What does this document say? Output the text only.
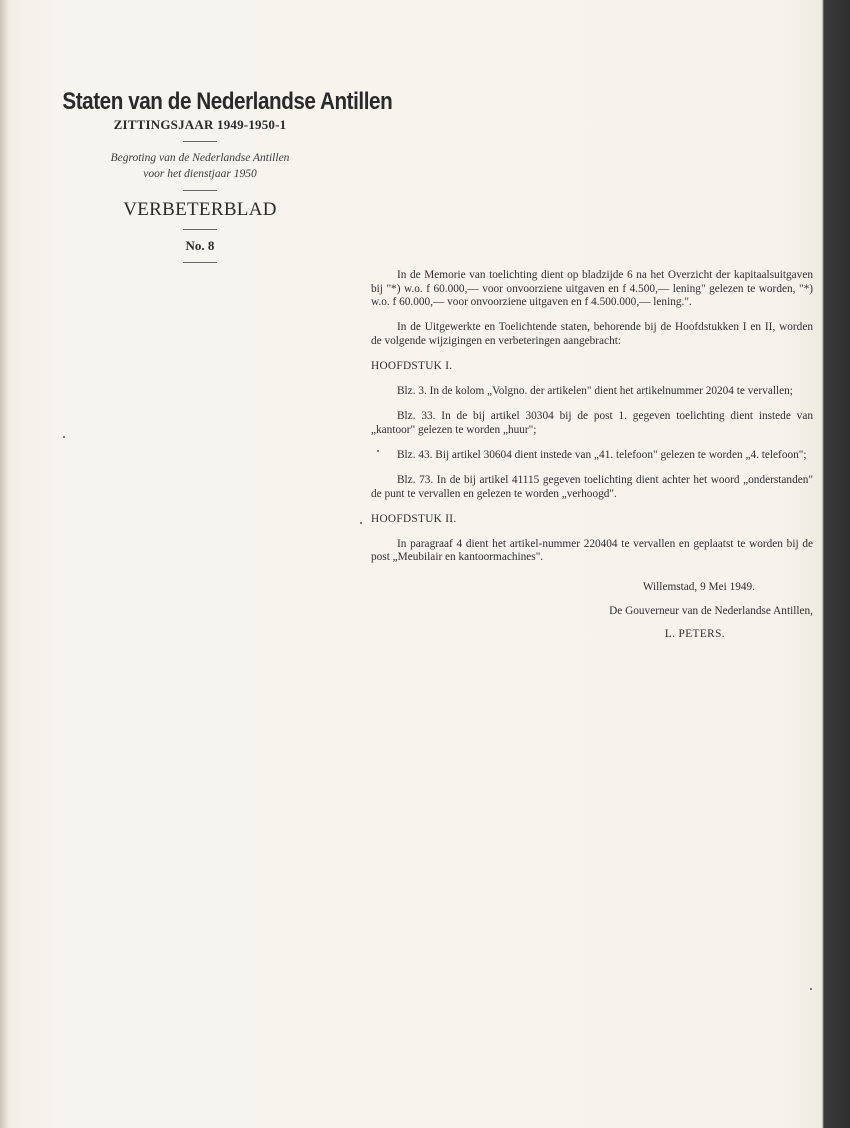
Staten van de Nederlandse Antillen
ZITTINGSJAAR 1949-1950-1
Begroting van de Nederlandse Antillen
voor het dienstjaar 1950
VERBETERBLAD
No. 8

In de Memorie van toelichting dient op bladzijde 6 na het Overzicht der kapitaalsuitgaven bij "*) w.o. f 60.000,— voor onvoorziene uitgaven en f 4.500,— lening" gelezen te worden, "*) w.o. f 60.000,— voor onvoorziene uitgaven en f 4.500.000,— lening.".

In de Uitgewerkte en Toelichtende staten, behorende bij de Hoofdstukken I en II, worden de volgende wijzigingen en verbeteringen aangebracht:

HOOFDSTUK I.

Blz. 3. In de kolom „Volgno. der artikelen" dient het artikelnummer 20204 te vervallen;

Blz. 33. In de bij artikel 30304 bij de post 1. gegeven toelichting dient instede van „kantoor" gelezen te worden „huur";

Blz. 43. Bij artikel 30604 dient instede van „41. telefoon" gelezen te worden „4. telefoon";

Blz. 73. In de bij artikel 41115 gegeven toelichting dient achter het woord „onderstanden" de punt te vervallen en gelezen te worden „verhoogd".

HOOFDSTUK II.

In paragraaf 4 dient het artikel-nummer 220404 te vervallen en geplaatst te worden bij de post „Meubilair en kantoormachines".

Willemstad, 9 Mei 1949.
De Gouverneur van de Nederlandse Antillen,
L. PETERS.
